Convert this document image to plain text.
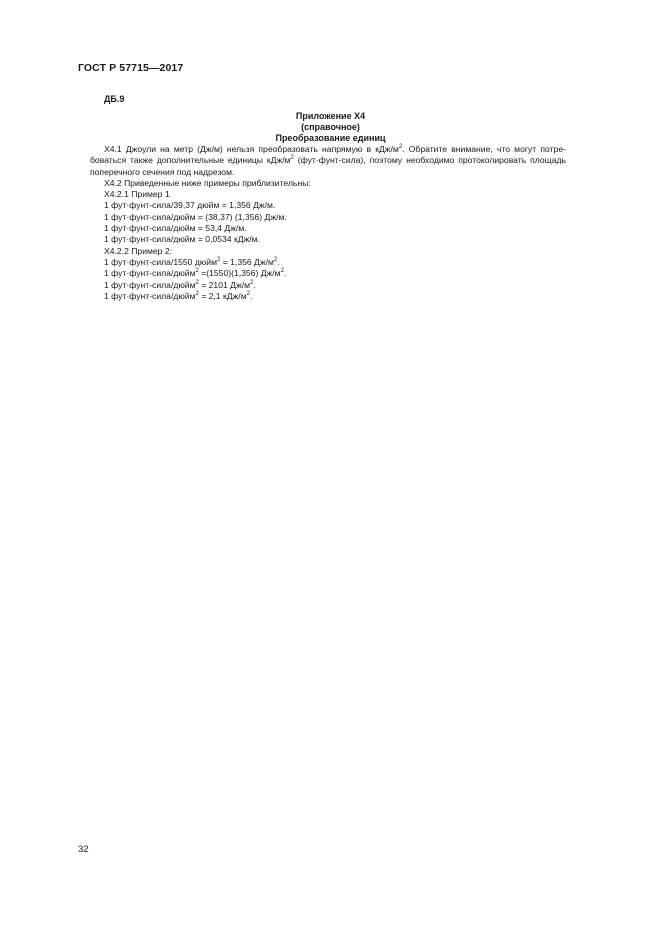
ГОСТ Р 57715—2017
ДБ.9
Приложение Х4
(справочное)
Преобразование единиц
Х4.1 Джоули на метр (Дж/м) нельзя преобразовать напрямую в кДж/$м^2$. Обратите внимание, что могут потре-
боваться также дополнительные единицы кДж/$м^2$ (фут·фунт-сила), поэтому необходимо протоколировать площадь
поперечного сечения под надрезом.
Х4.2 Приведенные ниже примеры приблизительны:
Х4.2.1 Пример 1
1 фут·фунт-сила/39,37 дюйм = 1,356 Дж/м.
1 фут·фунт-сила/дюйм = (38,37) (1,356) Дж/м.
1 фут·фунт-сила/дюйм = 53,4 Дж/м.
1 фут·фунт-сила/дюйм = 0,0534 кДж/м.
Х4.2.2 Пример 2:
1 фут·фунт-сила/1550 дюйм$^2$ = 1,356 $Дж/м^2$.
1 фут·фунт-сила/дюйм$^2$ =(1550)(1,356) $Дж/м^2$.
1 фут·фунт-сила/дюйм$^2$ = 2101 $Дж/м^2$.
1 фут·фунт-сила/дюйм$^2$ = 2,1 кДж/$м^2$.
32
